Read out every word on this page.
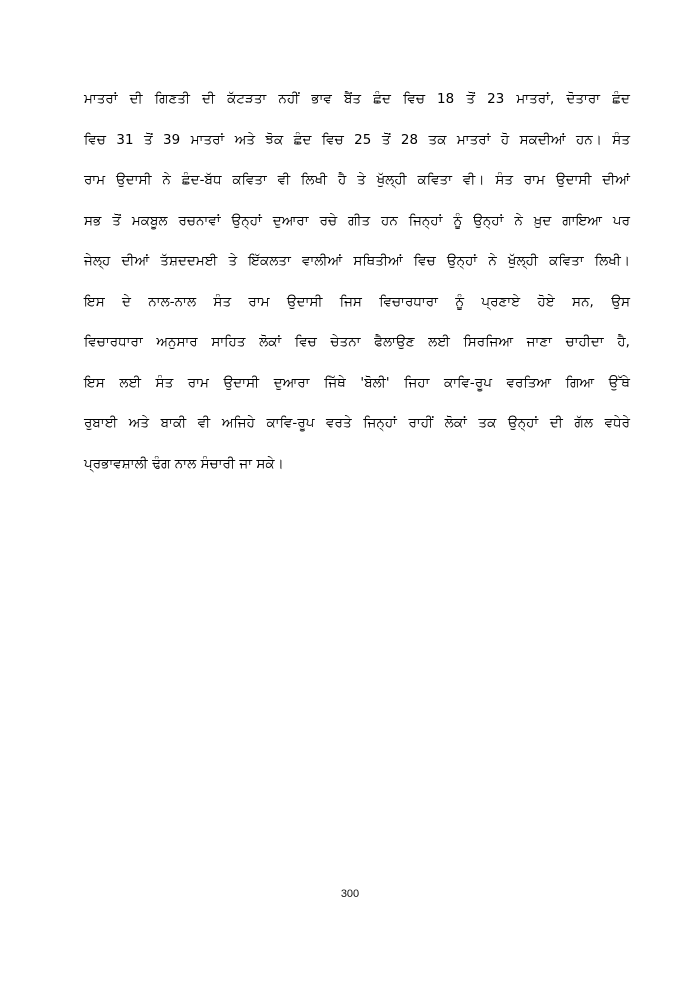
ਮਾਤਰਾਂ ਦੀ ਗਿਣਤੀ ਦੀ ਕੱਟੜਤਾ ਨਹੀਂ ਭਾਵ ਬੈਂਤ ਛੰਦ ਵਿਚ 18 ਤੋਂ 23 ਮਾਤਰਾਂ, ਦੋਤਾਰਾ ਛੰਦ
ਵਿਚ 31 ਤੋਂ 39 ਮਾਤਰਾਂ ਅਤੇ ਝੋਕ ਛੰਦ ਵਿਚ 25 ਤੋਂ 28 ਤਕ ਮਾਤਰਾਂ ਹੋ ਸਕਦੀਆਂ ਹਨ। ਸੰਤ
ਰਾਮ ਉਦਾਸੀ ਨੇ ਛੰਦ-ਬੱਧ ਕਵਿਤਾ ਵੀ ਲਿਖੀ ਹੈ ਤੇ ਖੁੱਲ੍ਹੀ ਕਵਿਤਾ ਵੀ। ਸੰਤ ਰਾਮ ਉਦਾਸੀ ਦੀਆਂ
ਸਭ ਤੋਂ ਮਕਬੂਲ ਰਚਨਾਵਾਂ ਉਨ੍ਹਾਂ ਦੁਆਰਾ ਰਚੇ ਗੀਤ ਹਨ ਜਿਨ੍ਹਾਂ ਨੂੰ ਉਨ੍ਹਾਂ ਨੇ ਖ਼ੁਦ ਗਾਇਆ ਪਰ
ਜੇਲ੍ਹ ਦੀਆਂ ਤੱਸ਼ਦਦਮਈ ਤੇ ਇੱਕਲਤਾ ਵਾਲੀਆਂ ਸਥਿਤੀਆਂ ਵਿਚ ਉਨ੍ਹਾਂ ਨੇ ਖੁੱਲ੍ਹੀ ਕਵਿਤਾ ਲਿਖੀ।
ਇਸ ਦੇ ਨਾਲ-ਨਾਲ ਸੰਤ ਰਾਮ ਉਦਾਸੀ ਜਿਸ ਵਿਚਾਰਧਾਰਾ ਨੂੰ ਪ੍ਰਣਾਏ ਹੋਏ ਸਨ, ਉਸ
ਵਿਚਾਰਧਾਰਾ ਅਨੁਸਾਰ ਸਾਹਿਤ ਲੋਕਾਂ ਵਿਚ ਚੇਤਨਾ ਫੈਲਾਉਣ ਲਈ ਸਿਰਜਿਆ ਜਾਣਾ ਚਾਹੀਦਾ ਹੈ,
ਇਸ ਲਈ ਸੰਤ ਰਾਮ ਉਦਾਸੀ ਦੁਆਰਾ ਜਿੱਥੇ 'ਬੋਲੀ' ਜਿਹਾ ਕਾਵਿ-ਰੂਪ ਵਰਤਿਆ ਗਿਆ ਉੱਥੇ
ਰੁਬਾਈ ਅਤੇ ਬਾਕੀ ਵੀ ਅਜਿਹੇ ਕਾਵਿ-ਰੂਪ ਵਰਤੇ ਜਿਨ੍ਹਾਂ ਰਾਹੀਂ ਲੋਕਾਂ ਤਕ ਉਨ੍ਹਾਂ ਦੀ ਗੱਲ ਵਧੇਰੇ
ਪ੍ਰਭਾਵਸ਼ਾਲੀ ਢੰਗ ਨਾਲ ਸੰਚਾਰੀ ਜਾ ਸਕੇ।
300
